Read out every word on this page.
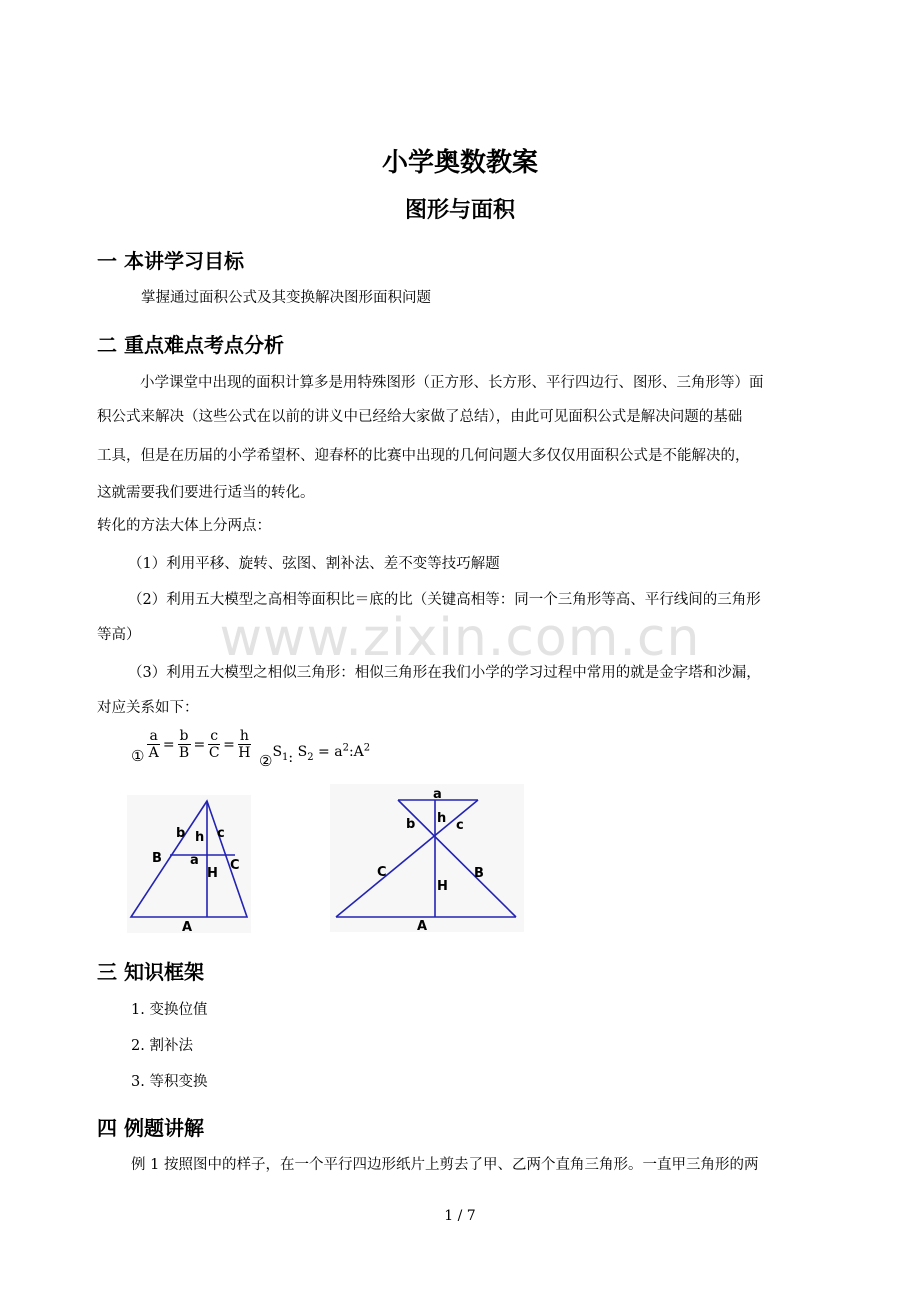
www.zixin.com.cn
小学奥数教案
图形与面积
一 本讲学习目标
掌握通过面积公式及其变换解决图形面积问题
二 重点难点考点分析
小学课堂中出现的面积计算多是用特殊图形（正方形、长方形、平行四边行、图形、三角形等）面
积公式来解决（这些公式在以前的讲义中已经给大家做了总结），由此可见面积公式是解决问题的基础
工具，但是在历届的小学希望杯、迎春杯的比赛中出现的几何问题大多仅仅用面积公式是不能解决的，
这就需要我们要进行适当的转化。
转化的方法大体上分两点：
（1）利用平移、旋转、弦图、割补法、差不变等技巧解题
（2）利用五大模型之高相等面积比＝底的比（关键高相等：同一个三角形等高、平行线间的三角形
等高）
（3）利用五大模型之相似三角形：相似三角形在我们小学的学习过程中常用的就是金字塔和沙漏，
对应关系如下：
① $\frac{a}{A} = \frac{b}{B} = \frac{c}{C} = \frac{h}{H}$ $②S_1$: $S_2$ = $a^2:A^2$
b h c
B a C
H
A
a
b h c
C
H
B
A
三 知识框架
1. 变换位值
2. 割补法
3. 等积变换
四 例题讲解
例 1 按照图中的样子，在一个平行四边形纸片上剪去了甲、乙两个直角三角形。一直甲三角形的两
1 / 7
